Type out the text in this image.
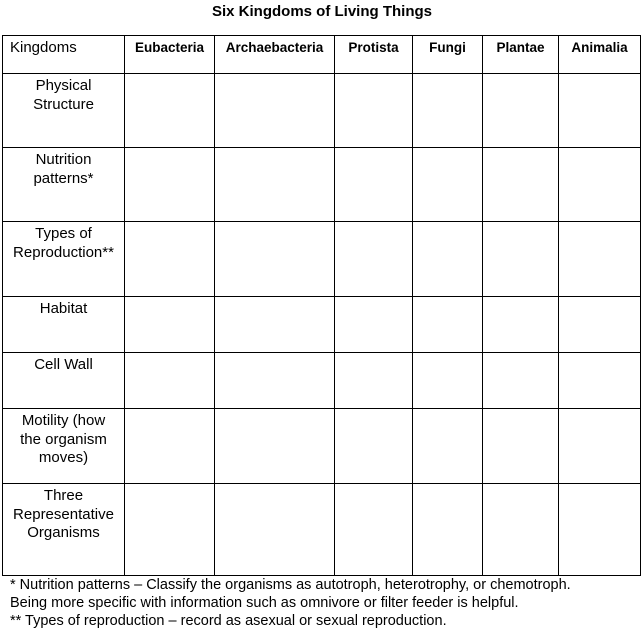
Six Kingdoms of Living Things
Kingdoms	Eubacteria	Archaebacteria	Protista	Fungi	Plantae	Animalia

Physical
Structure						

Nutrition
patterns*						

Types of
Reproduction**						

Habitat						

Cell Wall						

Motility (how
the organism
moves)						

Three
Representative
Organisms						

* Nutrition patterns – Classify the organisms as autotroph, heterotrophy, or chemotroph.
Being more specific with information such as omnivore or filter feeder is helpful.
** Types of reproduction – record as asexual or sexual reproduction.
